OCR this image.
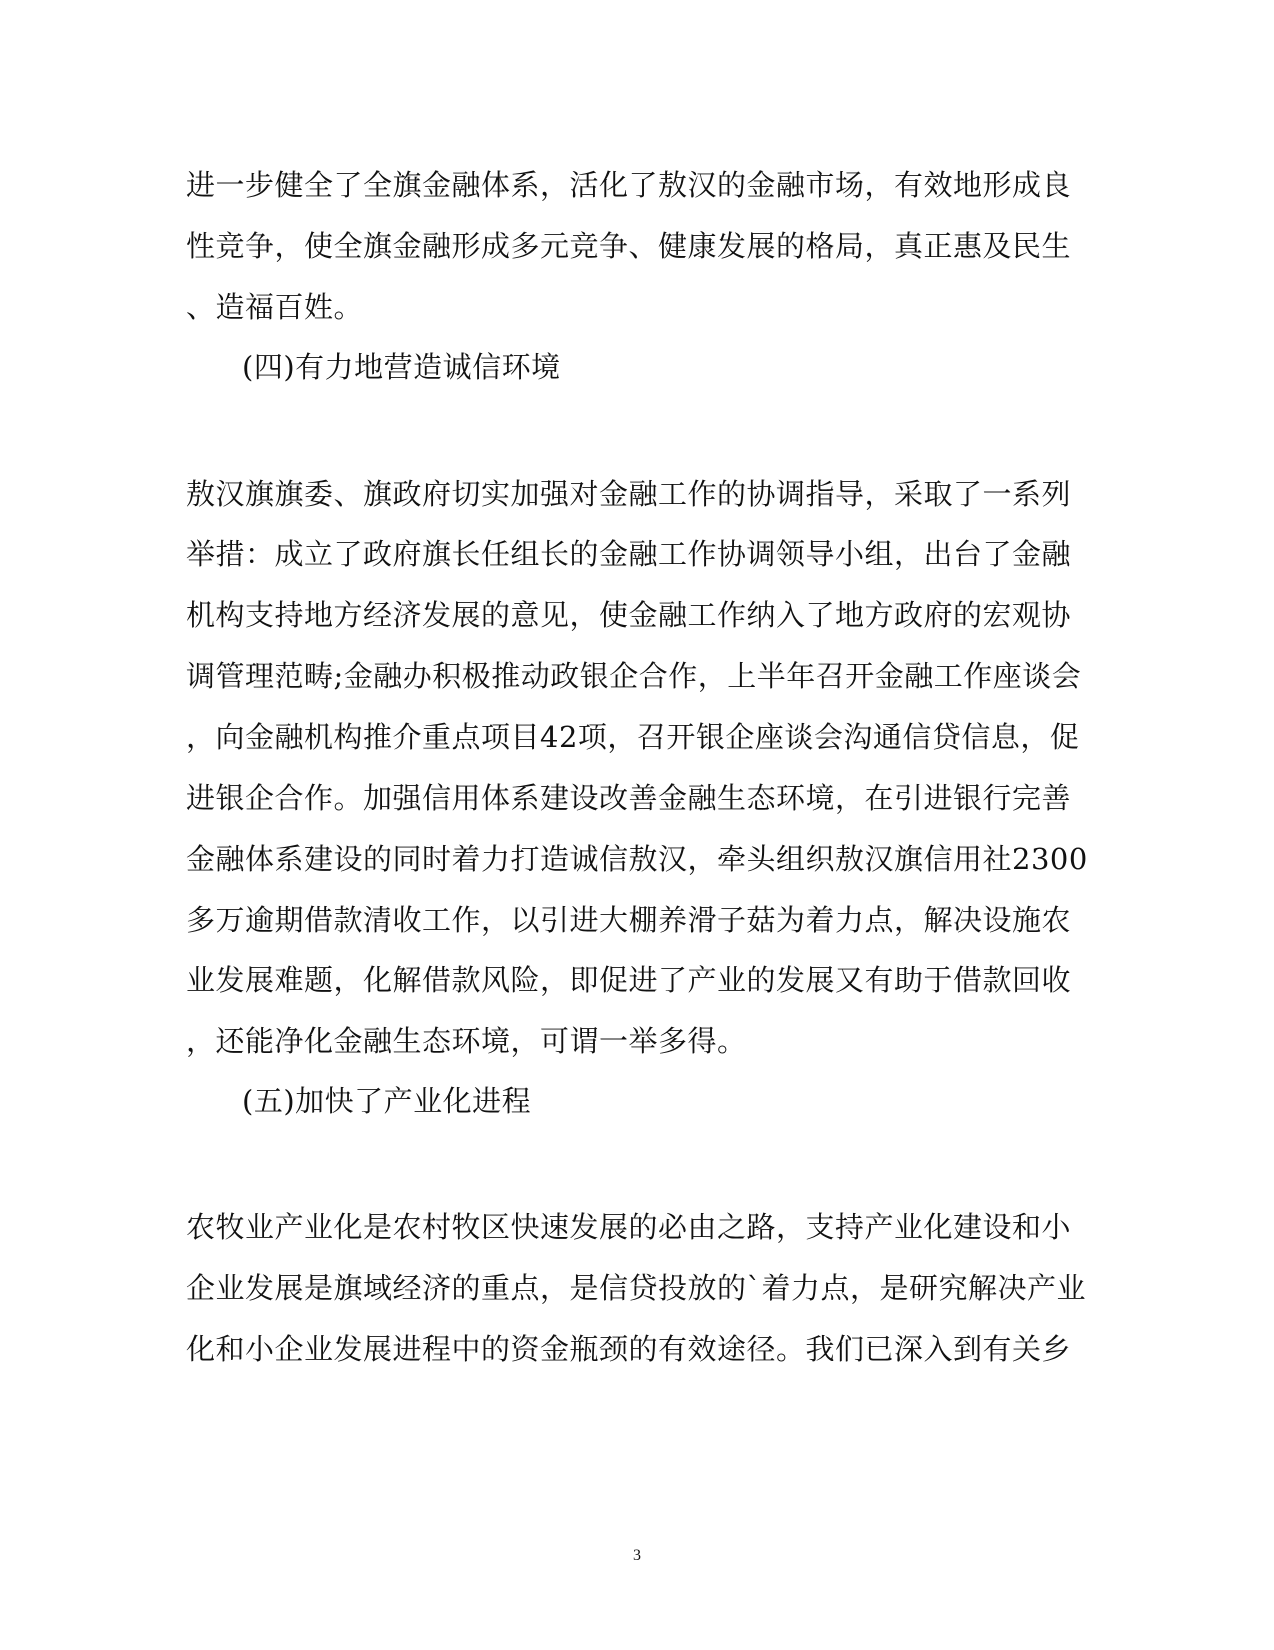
进一步健全了全旗金融体系，活化了敖汉的金融市场，有效地形成良
性竞争，使全旗金融形成多元竞争、健康发展的格局，真正惠及民生
、造福百姓。
(四)有力地营造诚信环境
敖汉旗旗委、旗政府切实加强对金融工作的协调指导，采取了一系列
举措：成立了政府旗长任组长的金融工作协调领导小组，出台了金融
机构支持地方经济发展的意见，使金融工作纳入了地方政府的宏观协
调管理范畴;金融办积极推动政银企合作，上半年召开金融工作座谈会
，向金融机构推介重点项目42项，召开银企座谈会沟通信贷信息，促
进银企合作。加强信用体系建设改善金融生态环境，在引进银行完善
金融体系建设的同时着力打造诚信敖汉，牵头组织敖汉旗信用社2300
多万逾期借款清收工作，以引进大棚养滑子菇为着力点，解决设施农
业发展难题，化解借款风险，即促进了产业的发展又有助于借款回收
，还能净化金融生态环境，可谓一举多得。
(五)加快了产业化进程
农牧业产业化是农村牧区快速发展的必由之路，支持产业化建设和小
企业发展是旗域经济的重点，是信贷投放的`着力点，是研究解决产业
化和小企业发展进程中的资金瓶颈的有效途径。我们已深入到有关乡
3
